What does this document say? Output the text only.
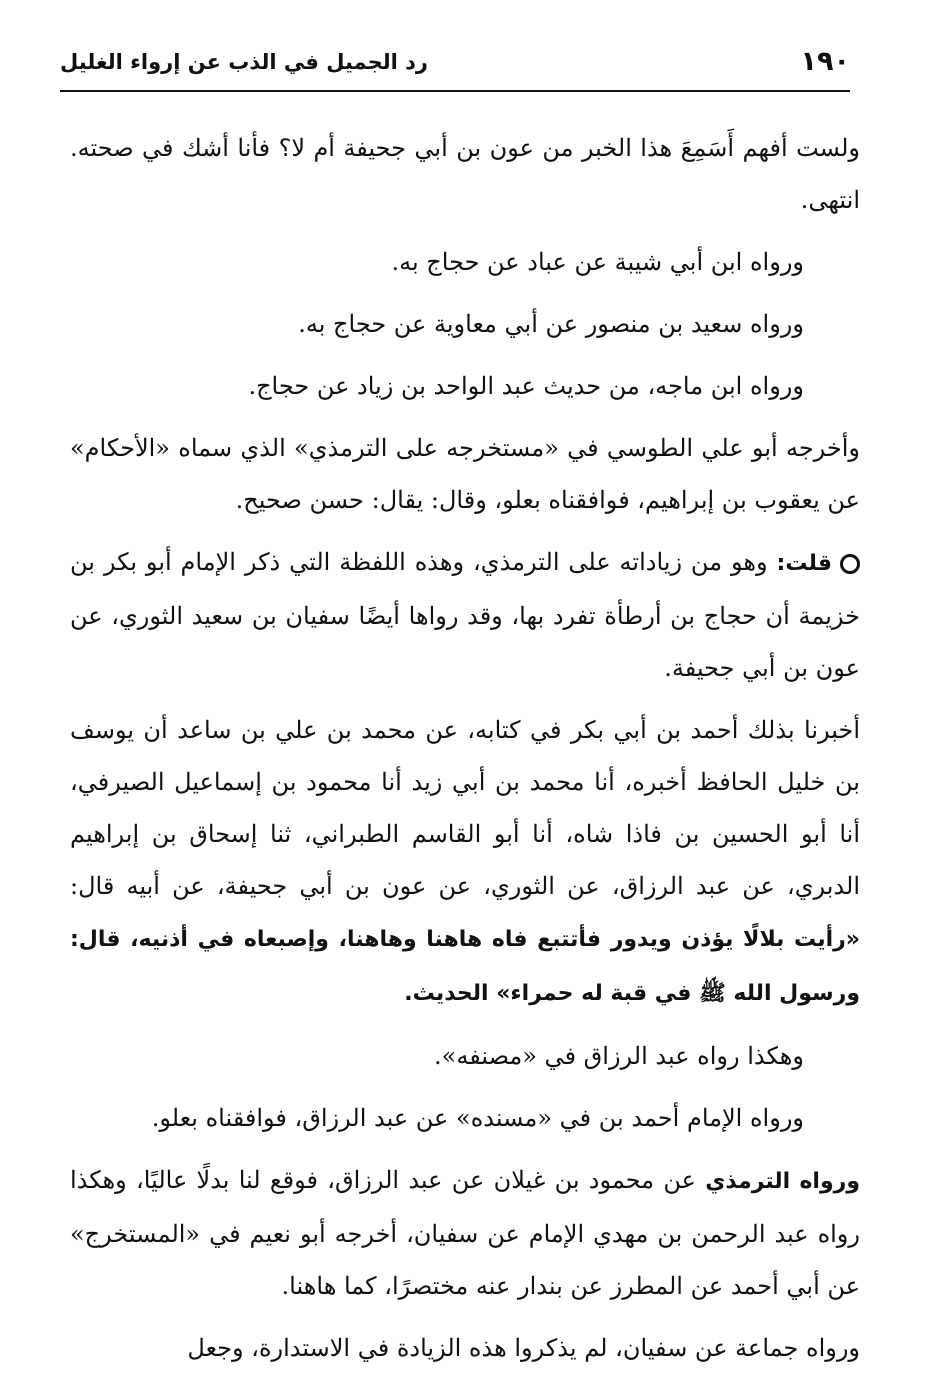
١٩٠
رد الجميل في الذب عن إرواء الغليل

ولست أفهم أَسَمِعَ هذا الخبر من عون بن أبي جحيفة أم لا؟ فأنا أشك في صحته. انتهى.

ورواه ابن أبي شيبة عن عباد عن حجاج به.

ورواه سعيد بن منصور عن أبي معاوية عن حجاج به.

ورواه ابن ماجه، من حديث عبد الواحد بن زياد عن حجاج.

وأخرجه أبو علي الطوسي في «مستخرجه على الترمذي» الذي سماه «الأحكام» عن يعقوب بن إبراهيم، فوافقناه بعلو، وقال: يقال: حسن صحيح.

قلت: وهو من زياداته على الترمذي، وهذه اللفظة التي ذكر الإمام أبو بكر بن خزيمة أن حجاج بن أرطأة تفرد بها، وقد رواها أيضًا سفيان بن سعيد الثوري، عن عون بن أبي جحيفة.

أخبرنا بذلك أحمد بن أبي بكر في كتابه، عن محمد بن علي بن ساعد أن يوسف بن خليل الحافظ أخبره، أنا محمد بن أبي زيد أنا محمود بن إسماعيل الصيرفي، أنا أبو الحسين بن فاذا شاه، أنا أبو القاسم الطبراني، ثنا إسحاق بن إبراهيم الدبري، عن عبد الرزاق، عن الثوري، عن عون بن أبي جحيفة، عن أبيه قال: «رأيت بلالًا يؤذن ويدور فأتتبع فاه هاهنا وهاهنا، وإصبعاه في أذنيه، قال: ورسول الله ﷺ في قبة له حمراء» الحديث.

وهكذا رواه عبد الرزاق في «مصنفه».

ورواه الإمام أحمد بن في «مسنده» عن عبد الرزاق، فوافقناه بعلو.

ورواه الترمذي عن محمود بن غيلان عن عبد الرزاق، فوقع لنا بدلًا عاليًا، وهكذا رواه عبد الرحمن بن مهدي الإمام عن سفيان، أخرجه أبو نعيم في «المستخرج» عن أبي أحمد عن المطرز عن بندار عنه مختصرًا، كما هاهنا.

ورواه جماعة عن سفيان، لم يذكروا هذه الزيادة في الاستدارة، وجعل
